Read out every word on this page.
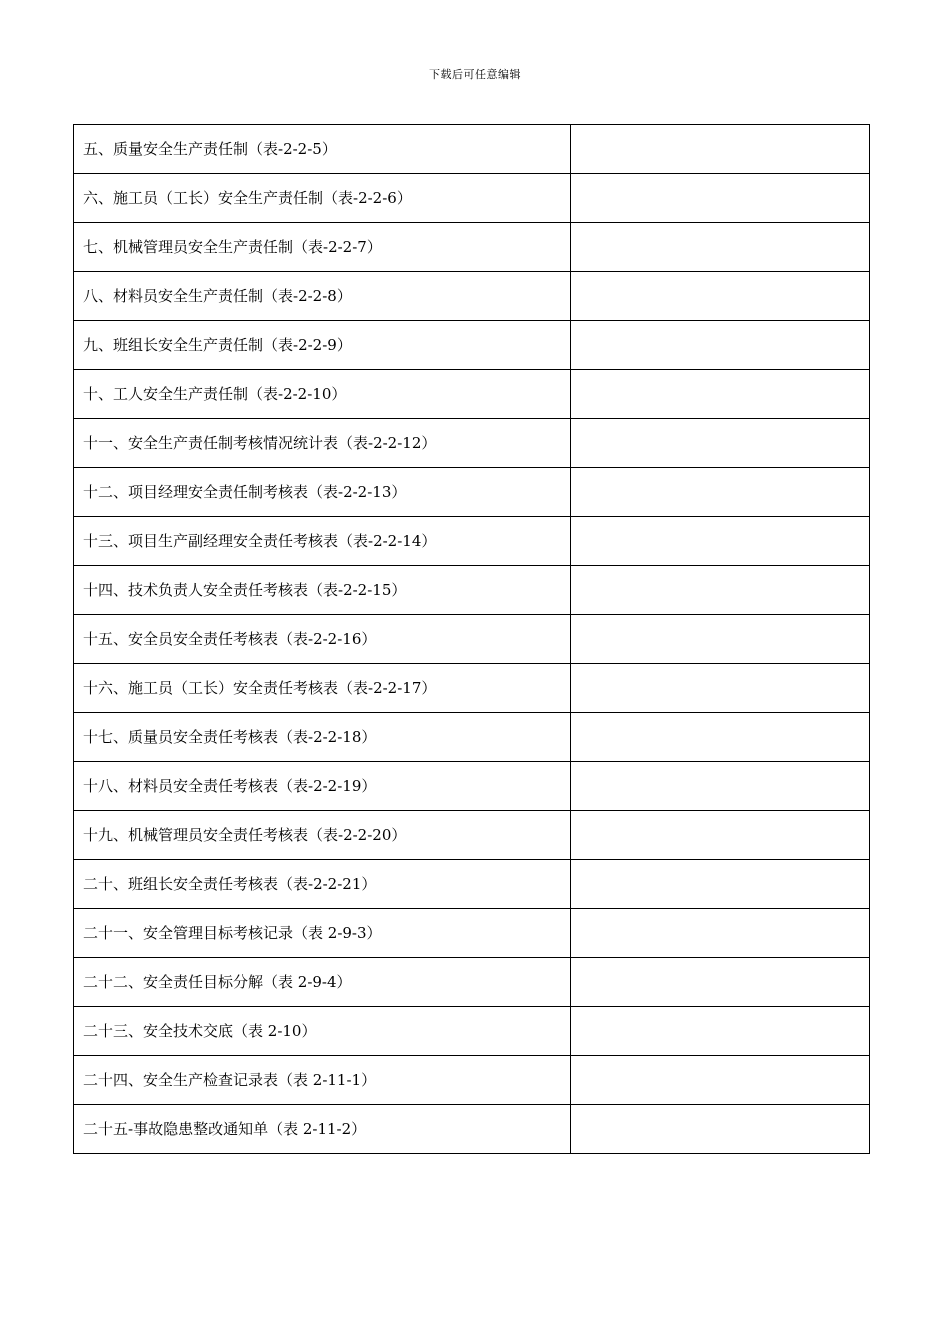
下载后可任意编辑
五、质量安全生产责任制（表-2-2-5）	
六、施工员（工长）安全生产责任制（表-2-2-6）	
七、机械管理员安全生产责任制（表-2-2-7）	
八、材料员安全生产责任制（表-2-2-8）	
九、班组长安全生产责任制（表-2-2-9）	
十、工人安全生产责任制（表-2-2-10）	
十一、安全生产责任制考核情况统计表（表-2-2-12）	
十二、项目经理安全责任制考核表（表-2-2-13）	
十三、项目生产副经理安全责任考核表（表-2-2-14）	
十四、技术负责人安全责任考核表（表-2-2-15）	
十五、安全员安全责任考核表（表-2-2-16）	
十六、施工员（工长）安全责任考核表（表-2-2-17）	
十七、质量员安全责任考核表（表-2-2-18）	
十八、材料员安全责任考核表（表-2-2-19）	
十九、机械管理员安全责任考核表（表-2-2-20）	
二十、班组长安全责任考核表（表-2-2-21）	
二十一、安全管理目标考核记录（表 2-9-3）	
二十二、安全责任目标分解（表 2-9-4）	
二十三、安全技术交底（表 2-10）	
二十四、安全生产检查记录表（表 2-11-1）	
二十五-事故隐患整改通知单（表 2-11-2）	
